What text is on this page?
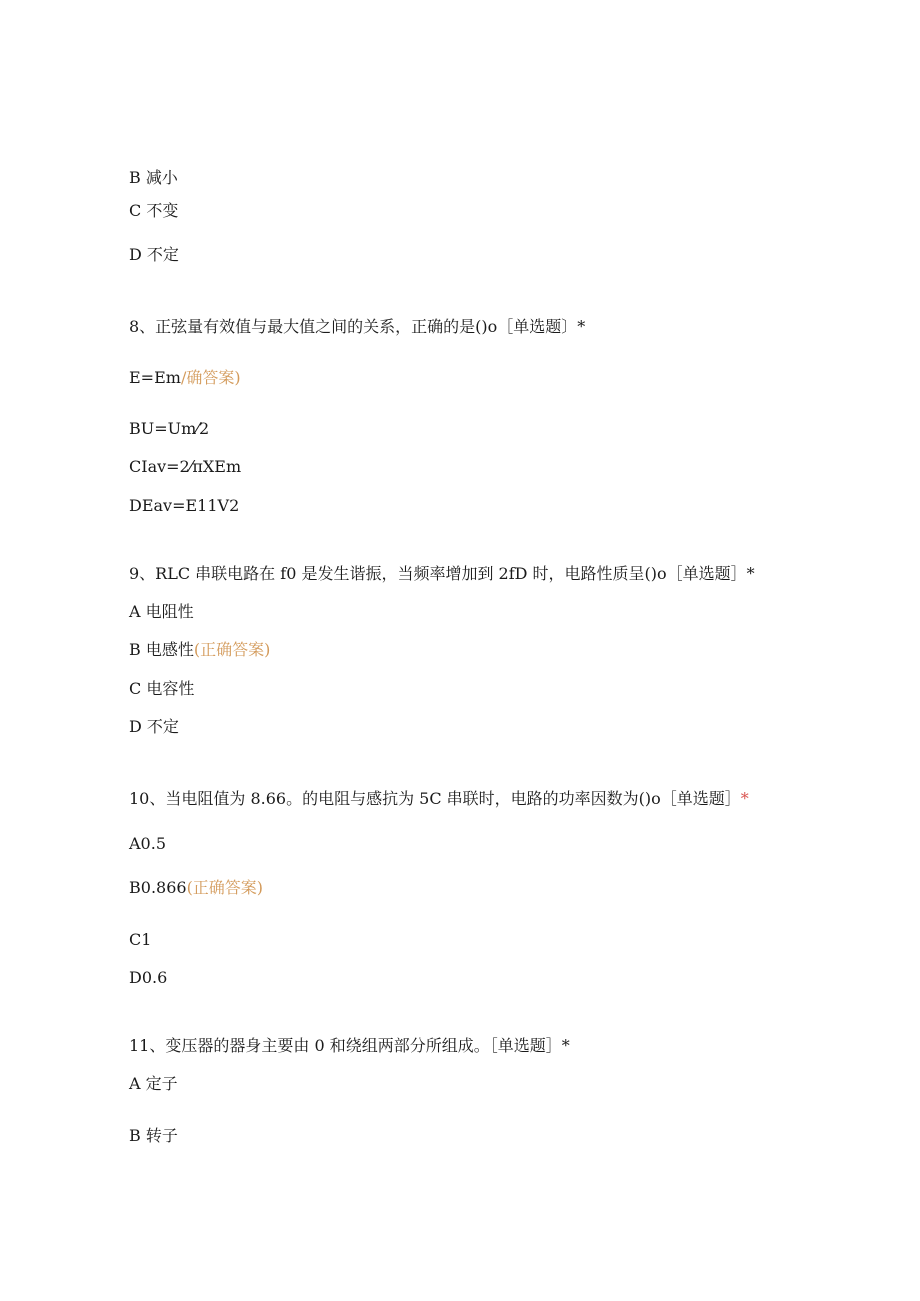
B 减小
C 不变
D 不定
8、正弦量有效值与最大值之间的关系，正确的是()o［单选题〕*
E=Em/确答案)
BU=Um⁄2
CIav=2⁄πXEm
DEav=E11V2
9、RLC 串联电路在 f0 是发生谐振，当频率增加到 2fD 时，电路性质呈()o［单选题］*
A 电阻性
B 电感性(正确答案)
C 电容性
D 不定
10、当电阻值为 8.66。的电阻与感抗为 5C 串联时，电路的功率因数为()o［单选题］*
A0.5
B0.866(正确答案)
C1
D0.6
11、变压器的器身主要由 0 和绕组两部分所组成。［单选题］*
A 定子
B 转子
